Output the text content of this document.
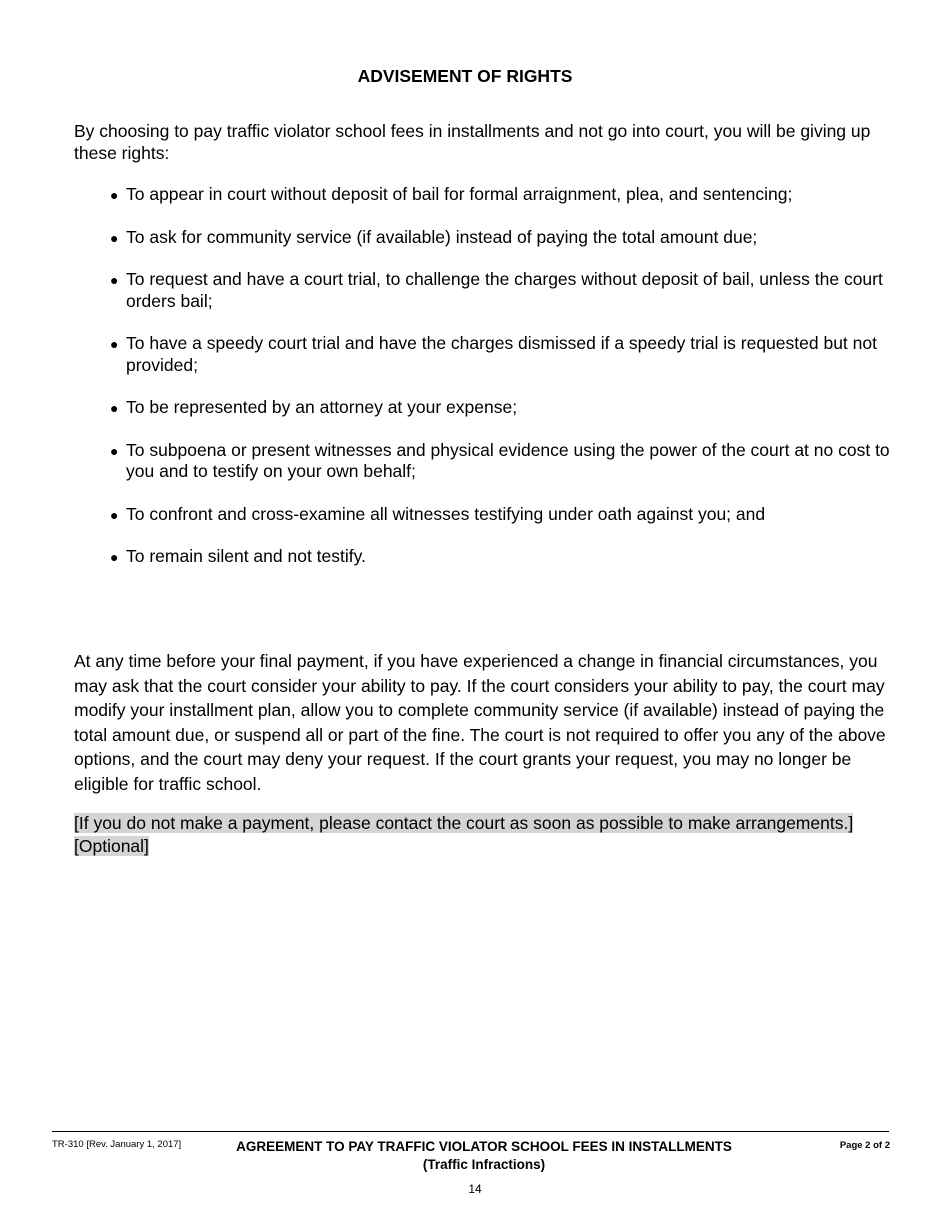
ADVISEMENT OF RIGHTS

By choosing to pay traffic violator school fees in installments and not go into court, you will be giving up these rights:

● To appear in court without deposit of bail for formal arraignment, plea, and sentencing;
● To ask for community service (if available) instead of paying the total amount due;
● To request and have a court trial, to challenge the charges without deposit of bail, unless the court orders bail;
● To have a speedy court trial and have the charges dismissed if a speedy trial is requested but not provided;
● To be represented by an attorney at your expense;
● To subpoena or present witnesses and physical evidence using the power of the court at no cost to you and to testify on your own behalf;
● To confront and cross-examine all witnesses testifying under oath against you; and
● To remain silent and not testify.

At any time before your final payment, if you have experienced a change in financial circumstances, you may ask that the court consider your ability to pay. If the court considers your ability to pay, the court may modify your installment plan, allow you to complete community service (if available) instead of paying the total amount due, or suspend all or part of the fine. The court is not required to offer you any of the above options, and the court may deny your request. If the court grants your request, you may no longer be eligible for traffic school.

[If you do not make a payment, please contact the court as soon as possible to make arrangements.] [Optional]

TR-310 [Rev. January 1, 2017]	AGREEMENT TO PAY TRAFFIC VIOLATOR SCHOOL FEES IN INSTALLMENTS
(Traffic Infractions)
Page 2 of 2
14
